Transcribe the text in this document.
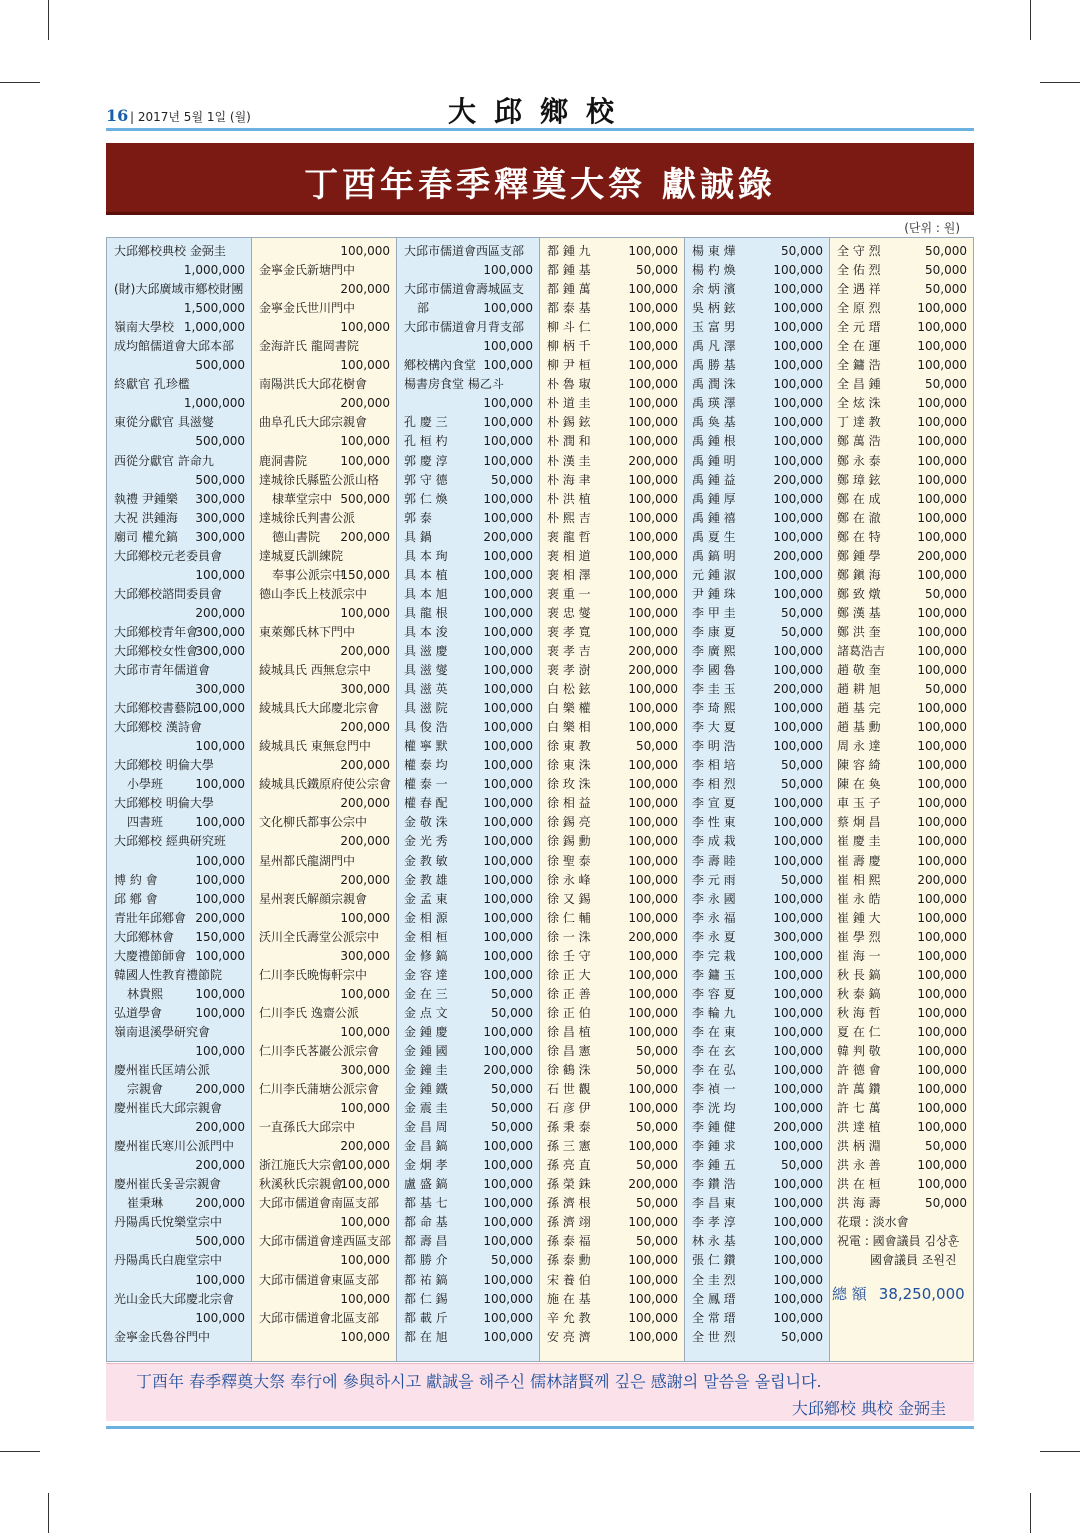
16 | 2017년 5월 1일 (월)	大邱鄉校
丁酉年春季釋奠大祭 獻誠錄
(단위 : 원)
大邱鄕校典校 金弼圭
1,000,000
(財)大邱廣域市鄕校財團
1,500,000
嶺南大學校 1,000,000
成均館儒道會大邱本部
500,000
終獻官 孔珍檻
1,000,000
東從分獻官 具滋燮
500,000
西從分獻官 許命九
500,000
執禮 尹鍾樂 300,000
大祝 洪鍾海 300,000
廟司 權允鎬 300,000
大邱鄕校元老委員會
100,000
大邱鄕校諮問委員會
200,000
大邱鄕校青年會
300,000
大邱鄕校女性會
300,000
大邱市青年儒道會
300,000
大邱鄕校書藝院
100,000
大邱鄕校 漢詩會
100,000
大邱鄕校 明倫大學
小學班	100,000
大邱鄕校 明倫大學
四書班	100,000
大邱鄕校 經典研究班
100,000
博 約 會	100,000
邱 鄕 會	100,000
青壯年邱鄕會 200,000
大邱鄕林會 150,000
大慶禮節師會 100,000
韓國人性教育禮節院
林貴熙	100,000
弘道學會	100,000
嶺南退溪學研究會
100,000
慶州崔氏匡靖公派
宗親會	200,000
慶州崔氏大邱宗親會
200,000
慶州崔氏寒川公派門中
200,000
慶州崔氏옻골宗親會
崔秉琳	200,000
丹陽禹氏悅樂堂宗中
500,000
丹陽禹氏白鹿堂宗中
100,000
光山金氏大邱慶北宗會
100,000
金寧金氏魯谷門中
100,000
金寧金氏新塘門中
200,000
金寧金氏世川門中
100,000
金海許氏 龍岡書院
100,000
南陽洪氏大邱花樹會
200,000
曲阜孔氏大邱宗親會
100,000
鹿洞書院	100,000
達城徐氏縣監公派山格
棣華堂宗中 500,000
達城徐氏判書公派
德山書院 200,000
達城夏氏訓練院
奉事公派宗中
150,000
德山李氏上枝派宗中
100,000
東萊鄭氏林下門中
200,000
綾城具氏 西無怠宗中
300,000
綾城具氏大邱慶北宗會
200,000
綾城具氏 東無怠門中
200,000
綾城具氏鐵原府使公宗會
200,000
文化柳氏都事公宗中
200,000
星州都氏龍湖門中
200,000
星州裵氏解顔宗親會
100,000
沃川全氏壽堂公派宗中
300,000
仁川李氏晩悔軒宗中
100,000
仁川李氏 逸齋公派
100,000
仁川李氏茖巖公派宗會
300,000
仁川李氏蒲塘公派宗會
100,000
一直孫氏大邱宗中
200,000
浙江施氏大宗會
100,000
秋溪秋氏宗親會
100,000
大邱市儒道會南區支部
100,000
大邱市儒道會達西區支部
100,000
大邱市儒道會東區支部
100,000
大邱市儒道會北區支部
100,000
大邱市儒道會西區支部
100,000
大邱市儒道會壽城區支
部	100,000
大邱市儒道會月背支部
100,000
鄕校構內食堂 100,000
楊書房食堂 楊乙斗
100,000
孔 慶 三	100,000
孔 桓 杓	100,000
郭 慶 淳	100,000
郭 守 德	50,000
郭 仁 煥	100,000
郭 泰	100,000
具 鍋	200,000
具 本 珣	100,000
具 本 植	100,000
具 本 旭	100,000
具 龍 根	100,000
具 本 浚	100,000
具 滋 慶	100,000
具 滋 燮	100,000
具 滋 英	100,000
具 滋 院	100,000
具 俊 浩	100,000
權 寧 默	100,000
權 泰 均	100,000
權 泰 一	100,000
權 春 配	100,000
金 敬 洙	100,000
金 光 秀	100,000
金 教 敏	100,000
金 教 雄	100,000
金 孟 東	100,000
金 相 源	100,000
金 相 桓	100,000
金 修 鎬	100,000
金 容 達	100,000
金 在 三	50,000
金 点 文	50,000
金 鍾 慶	100,000
金 鍾 國	100,000
金 鐘 圭	200,000
金 鍾 鐵	50,000
金 震 圭	50,000
金 昌 周	50,000
金 昌 鎬	100,000
金 炯 孝	100,000
盧 盛 鎬	100,000
都 基 七	100,000
都 命 基	100,000
都 壽 昌	100,000
都 勝 介	50,000
都 祐 鎬	100,000
都 仁 錫	100,000
都 載 斤	100,000
都 在 旭	100,000
都 鍾 九	100,000
都 鍾 基	50,000
都 鍾 萬	100,000
都 泰 基	100,000
柳 斗 仁	100,000
柳 柄 千	100,000
柳 尹 桓	100,000
朴 魯 琡	100,000
朴 道 圭	100,000
朴 錫 鉉	100,000
朴 潤 和	100,000
朴 漢 圭	200,000
朴 海 聿	100,000
朴 洪 植	100,000
朴 熙 吉	100,000
裵 龍 哲	100,000
裵 相 道	100,000
裵 相 澤	100,000
裵 重 一	100,000
裵 忠 燮	100,000
裵 孝 寬	100,000
裵 孝 吉	200,000
裵 孝 澍	200,000
白 松 鉉	100,000
白 樂 權	100,000
白 樂 相	100,000
徐 東 教	50,000
徐 東 洙	100,000
徐 玫 洙	100,000
徐 相 益	100,000
徐 錫 亮	100,000
徐 錫 勳	100,000
徐 聖 泰	100,000
徐 永 峰	100,000
徐 又 錫	100,000
徐 仁 輔	100,000
徐 一 洙	200,000
徐 壬 守	100,000
徐 正 大	100,000
徐 正 善	100,000
徐 正 伯	100,000
徐 昌 植	100,000
徐 昌 憲	50,000
徐 鶴 洙	50,000
石 世 觀	100,000
石 彦 伊	100,000
孫 秉 泰	50,000
孫 三 憲	100,000
孫 亮 直	50,000
孫 榮 銖	200,000
孫 濟 根	50,000
孫 濟 翊	100,000
孫 泰 福	50,000
孫 泰 勳	100,000
宋 養 伯	100,000
施 在 基	100,000
辛 允 教	100,000
安 亮 濟	100,000
楊 東 燁	50,000
楊 杓 煥	100,000
余 炳 濱	100,000
吳 柄 鉉	100,000
玉 富 男	100,000
禹 凡 澤	100,000
禹 勝 基	100,000
禹 潤 洙	100,000
禹 瑛 澤	100,000
禹 奐 基	100,000
禹 鍾 根	100,000
禹 鍾 明	100,000
禹 鍾 益	200,000
禹 鍾 厚	100,000
禹 鍾 禧	100,000
禹 夏 生	100,000
禹 鎬 明	200,000
元 鍾 淑	100,000
尹 鍾 珠	100,000
李 甲 圭	50,000
李 康 夏	50,000
李 廣 熙	100,000
李 國 魯	100,000
李 圭 玉	200,000
李 琦 熙	100,000
李 大 夏	100,000
李 明 浩	100,000
李 相 培	50,000
李 相 烈	50,000
李 宣 夏	100,000
李 性 東	100,000
李 成 栽	100,000
李 壽 睦	100,000
李 元 雨	50,000
李 永 國	100,000
李 永 福	100,000
李 永 夏	300,000
李 完 栽	100,000
李 鏞 玉	100,000
李 容 夏	100,000
李 輪 九	100,000
李 在 東	100,000
李 在 玄	100,000
李 在 弘	100,000
李 禎 一	100,000
李 洸 均	100,000
李 鍾 健	200,000
李 鍾 求	100,000
李 鍾 五	50,000
李 鑽 浩	100,000
李 昌 東	100,000
李 孝 淳	100,000
林 永 基	100,000
張 仁 鑽	100,000
全 圭 烈	100,000
全 鳳 瑨	100,000
全 常 瑨	100,000
全 世 烈	50,000
全 守 烈	50,000
全 佑 烈	50,000
全 遇 祥	50,000
全 原 烈	100,000
全 元 瑨	100,000
全 在 運	100,000
全 鏞 浩	100,000
全 昌 鍾	50,000
全 炫 洙	100,000
丁 達 教	100,000
鄭 萬 浩	100,000
鄭 永 泰	100,000
鄭 璋 鉉	100,000
鄭 在 成	100,000
鄭 在 澈	100,000
鄭 在 特	100,000
鄭 鍾 學	200,000
鄭 鎭 海	100,000
鄭 致 燉	50,000
鄭 漢 基	100,000
鄭 洪 奎	100,000
諸葛浩吉	100,000
趙 敬 奎	100,000
趙 耕 旭	50,000
趙 基 完	100,000
趙 基 勳	100,000
周 永 達	100,000
陳 容 綺	100,000
陳 在 奐	100,000
車 玉 子	100,000
蔡 炯 昌	100,000
崔 慶 圭	100,000
崔 壽 慶	100,000
崔 相 熙	200,000
崔 永 皓	100,000
崔 鍾 大	100,000
崔 學 烈	100,000
崔 海 一	100,000
秋 長 鎬	100,000
秋 泰 鎬	100,000
秋 海 哲	100,000
夏 在 仁	100,000
韓 判 敬	100,000
許 德 會	100,000
許 萬 鑽	100,000
許 七 萬	100,000
洪 達 植	100,000
洪 柄 淵	50,000
洪 永 善	100,000
洪 在 桓	100,000
洪 海 壽	50,000
花環 : 淡水會
祝電 : 國會議員 김상훈
國會議員 조원진
總 額 38,250,000
丁酉年 春季釋奠大祭 奉行에 參與하시고 獻誠을 해주신 儒林諸賢께 깊은 感謝의 말씀을 올립니다.
大邱鄕校 典校 金弼圭
